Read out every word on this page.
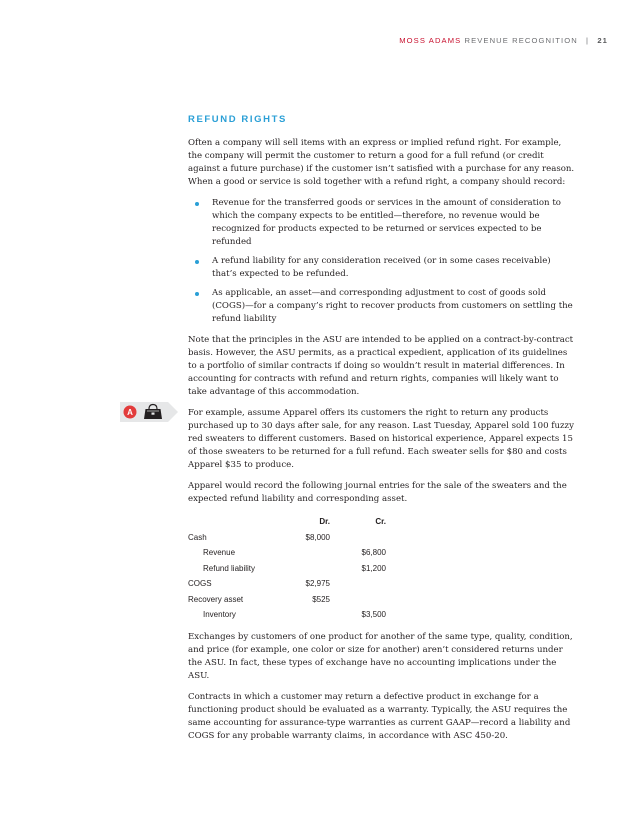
MOSS ADAMS REVENUE RECOGNITION | 21
REFUND RIGHTS

Often a company will sell items with an express or implied refund right. For example, the company will permit the customer to return a good for a full refund (or credit against a future purchase) if the customer isn’t satisfied with a purchase for any reason. When a good or service is sold together with a refund right, a company should record:

Revenue for the transferred goods or services in the amount of consideration to which the company expects to be entitled—therefore, no revenue would be recognized for products expected to be returned or services expected to be refunded
A refund liability for any consideration received (or in some cases receivable) that’s expected to be refunded.
As applicable, an asset—and corresponding adjustment to cost of goods sold (COGS)—for a company’s right to recover products from customers on settling the refund liability

Note that the principles in the ASU are intended to be applied on a contract-by-contract basis. However, the ASU permits, as a practical expedient, application of its guidelines to a portfolio of similar contracts if doing so wouldn’t result in material differences. In accounting for contracts with refund and return rights, companies will likely want to take advantage of this accommodation.

A	For example, assume Apparel offers its customers the right to return any products purchased up to 30 days after sale, for any reason. Last Tuesday, Apparel sold 100 fuzzy red sweaters to different customers. Based on historical experience, Apparel expects 15 of those sweaters to be returned for a full refund. Each sweater sells for $80 and costs Apparel $35 to produce.

Apparel would record the following journal entries for the sale of the sweaters and the expected refund liability and corresponding asset.

	Dr.	Cr.
Cash	$8,000	
Revenue		$6,800
Refund liability		$1,200
COGS	$2,975	
Recovery asset	$525	
Inventory		$3,500

Exchanges by customers of one product for another of the same type, quality, condition, and price (for example, one color or size for another) aren’t considered returns under the ASU. In fact, these types of exchange have no accounting implications under the ASU.

Contracts in which a customer may return a defective product in exchange for a functioning product should be evaluated as a warranty. Typically, the ASU requires the same accounting for assurance-type warranties as current GAAP—record a liability and COGS for any probable warranty claims, in accordance with ASC 450-20.
